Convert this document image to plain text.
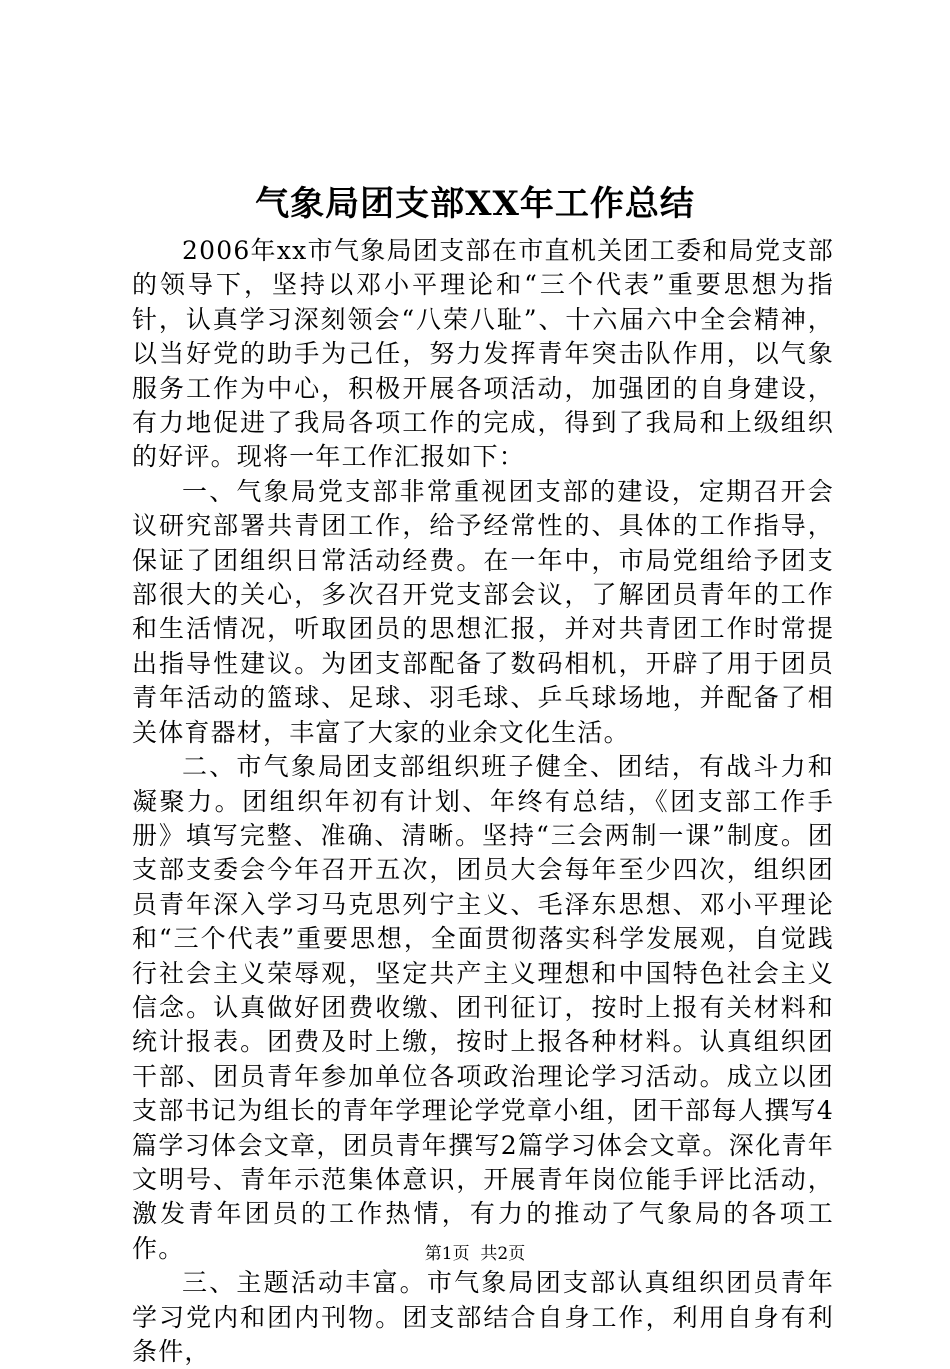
气象局团支部XX年工作总结

2006年xx市气象局团支部在市直机关团工委和局党支部的领导下，坚持以邓小平理论和“三个代表”重要思想为指针，认真学习深刻领会“八荣八耻”、十六届六中全会精神，以当好党的助手为己任，努力发挥青年突击队作用，以气象服务工作为中心，积极开展各项活动，加强团的自身建设，有力地促进了我局各项工作的完成，得到了我局和上级组织的好评。现将一年工作汇报如下：

一、气象局党支部非常重视团支部的建设，定期召开会议研究部署共青团工作，给予经常性的、具体的工作指导，保证了团组织日常活动经费。在一年中，市局党组给予团支部很大的关心，多次召开党支部会议，了解团员青年的工作和生活情况，听取团员的思想汇报，并对共青团工作时常提出指导性建议。为团支部配备了数码相机，开辟了用于团员青年活动的篮球、足球、羽毛球、乒乓球场地，并配备了相关体育器材，丰富了大家的业余文化生活。

二、市气象局团支部组织班子健全、团结，有战斗力和凝聚力。团组织年初有计划、年终有总结，《团支部工作手册》填写完整、准确、清晰。坚持“三会两制一课”制度。团支部支委会今年召开五次，团员大会每年至少四次，组织团员青年深入学习马克思列宁主义、毛泽东思想、邓小平理论和“三个代表”重要思想，全面贯彻落实科学发展观，自觉践行社会主义荣辱观，坚定共产主义理想和中国特色社会主义信念。认真做好团费收缴、团刊征订，按时上报有关材料和统计报表。团费及时上缴，按时上报各种材料。认真组织团干部、团员青年参加单位各项政治理论学习活动。成立以团支部书记为组长的青年学理论学党章小组，团干部每人撰写4篇学习体会文章，团员青年撰写2篇学习体会文章。深化青年文明号、青年示范集体意识，开展青年岗位能手评比活动，激发青年团员的工作热情，有力的推动了气象局的各项工作。

三、主题活动丰富。市气象局团支部认真组织团员青年学习党内和团内刊物。团支部结合自身工作，利用自身有利条件，

第1页 共2页
